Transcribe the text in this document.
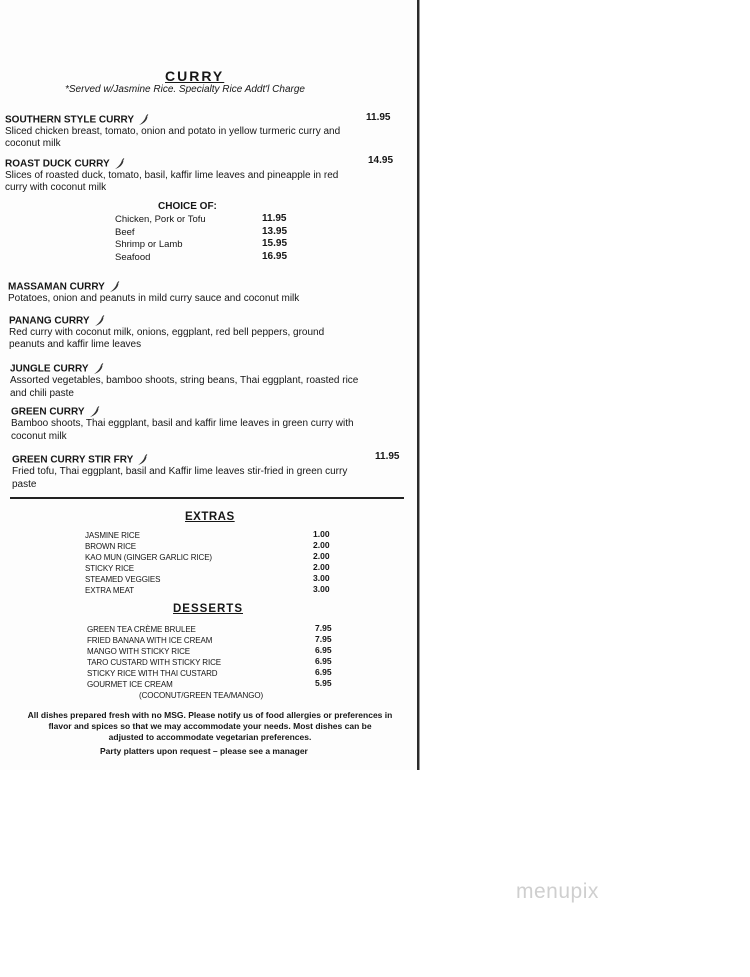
CURRY
*Served w/Jasmine Rice. Specialty Rice Addt'l Charge
SOUTHERN STYLE CURRY	11.95
Sliced chicken breast, tomato, onion and potato in yellow turmeric curry and
coconut milk
ROAST DUCK CURRY	14.95
Slices of roasted duck, tomato, basil, kaffir lime leaves and pineapple in red
curry with coconut milk
CHOICE OF:
Chicken, Pork or Tofu	11.95
Beef	13.95
Shrimp or Lamb	15.95
Seafood	16.95
MASSAMAN CURRY
Potatoes, onion and peanuts in mild curry sauce and coconut milk
PANANG CURRY
Red curry with coconut milk, onions, eggplant, red bell peppers, ground
peanuts and kaffir lime leaves
JUNGLE CURRY
Assorted vegetables, bamboo shoots, string beans, Thai eggplant, roasted rice
and chili paste
GREEN CURRY
Bamboo shoots, Thai eggplant, basil and kaffir lime leaves in green curry with
coconut milk
GREEN CURRY STIR FRY	11.95
Fried tofu, Thai eggplant, basil and Kaffir lime leaves stir-fried in green curry
paste
EXTRAS
JASMINE RICE	1.00
BROWN RICE	2.00
KAO MUN (GINGER GARLIC RICE)	2.00
STICKY RICE	2.00
STEAMED VEGGIES	3.00
EXTRA MEAT	3.00
DESSERTS
GREEN TEA CRÈME BRULEE	7.95
FRIED BANANA WITH ICE CREAM	7.95
MANGO WITH STICKY RICE	6.95
TARO CUSTARD WITH STICKY RICE	6.95
STICKY RICE WITH THAI CUSTARD	6.95
GOURMET ICE CREAM	5.95
(COCONUT/GREEN TEA/MANGO)
All dishes prepared fresh with no MSG. Please notify us of food allergies or preferences in
flavor and spices so that we may accommodate your needs. Most dishes can be
adjusted to accommodate vegetarian preferences.
Party platters upon request – please see a manager
menupix
